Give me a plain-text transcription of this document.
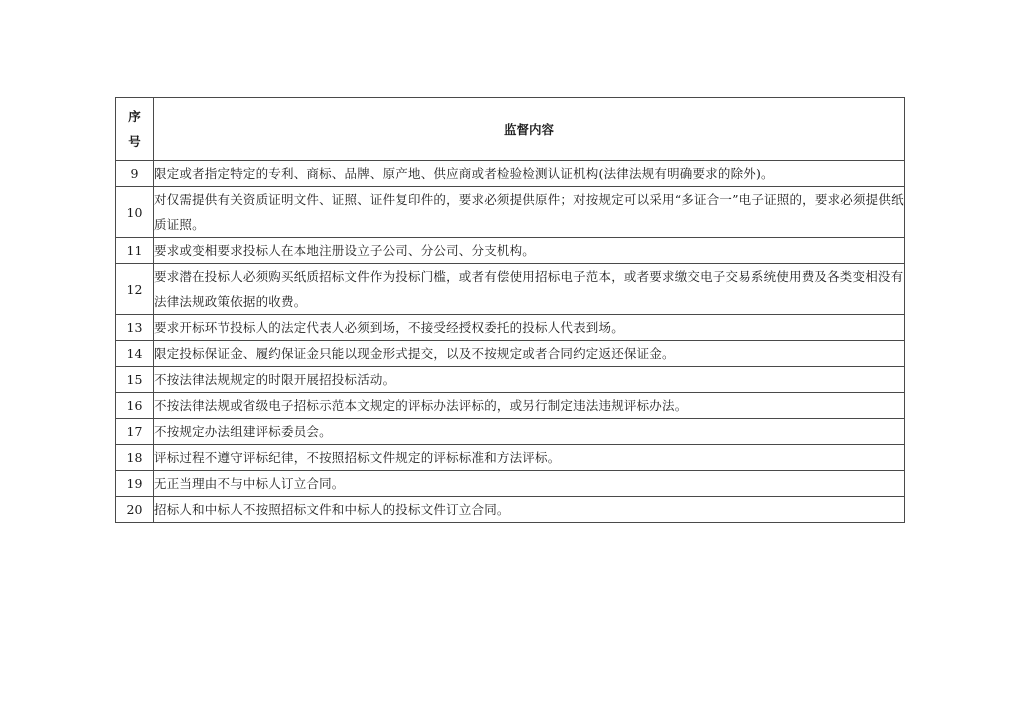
序
号	监督内容
9	限定或者指定特定的专利、商标、品牌、原产地、供应商或者检验检测认证机构(法律法规有明确要求的除外)。
10	对仅需提供有关资质证明文件、证照、证件复印件的，要求必须提供原件；对按规定可以采用“多证合一”电子证照的，要求必须提供纸质证照。
11	要求或变相要求投标人在本地注册设立子公司、分公司、分支机构。
12	要求潜在投标人必须购买纸质招标文件作为投标门槛，或者有偿使用招标电子范本，或者要求缴交电子交易系统使用费及各类变相没有法律法规政策依据的收费。
13	要求开标环节投标人的法定代表人必须到场，不接受经授权委托的投标人代表到场。
14	限定投标保证金、履约保证金只能以现金形式提交，以及不按规定或者合同约定返还保证金。
15	不按法律法规规定的时限开展招投标活动。
16	不按法律法规或省级电子招标示范本文规定的评标办法评标的，或另行制定违法违规评标办法。
17	不按规定办法组建评标委员会。
18	评标过程不遵守评标纪律，不按照招标文件规定的评标标准和方法评标。
19	无正当理由不与中标人订立合同。
20	招标人和中标人不按照招标文件和中标人的投标文件订立合同。
